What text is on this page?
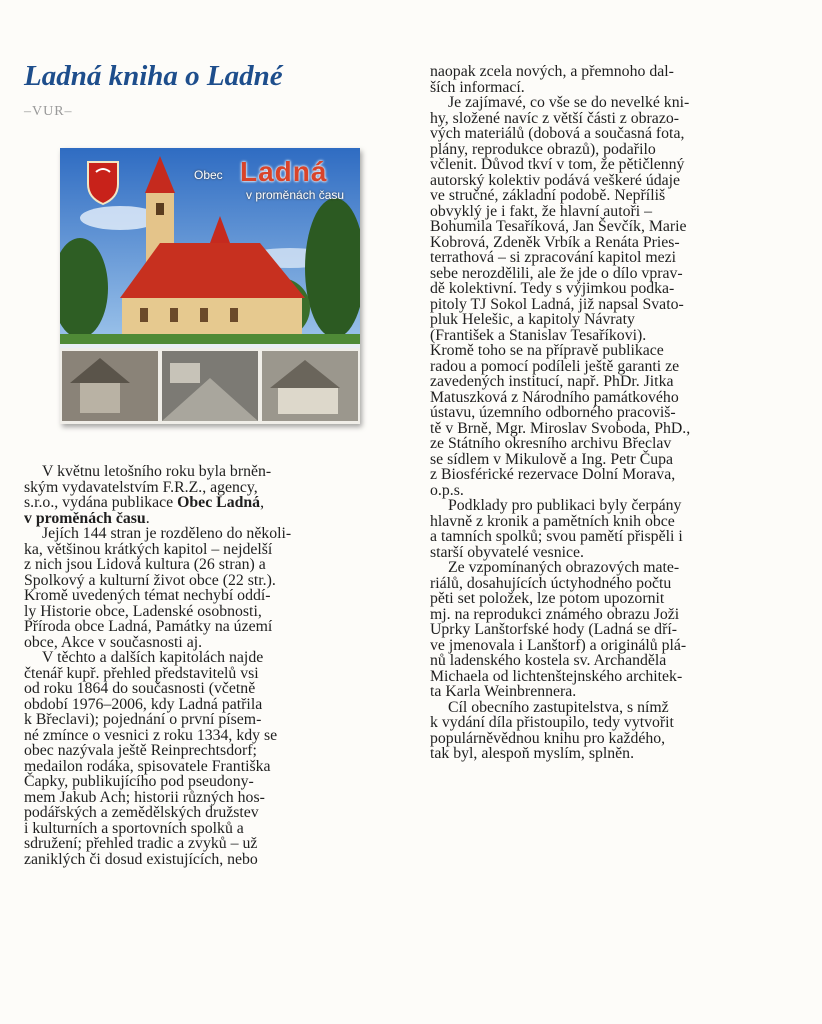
Ladná kniha o Ladné
–VUR–
Obec Ladná
v proměnách času
V květnu letošního roku byla brněn-
ským vydavatelstvím F.R.Z., agency,
s.r.o., vydána publikace Obec Ladná,
v proměnách času.
Jejích 144 stran je rozděleno do několi-
ka, většinou krátkých kapitol – nejdelší
z nich jsou Lidová kultura (26 stran) a
Spolkový a kulturní život obce (22 str.).
Kromě uvedených témat nechybí oddí-
ly Historie obce, Ladenské osobnosti,
Příroda obce Ladná, Památky na území
obce, Akce v současnosti aj.
V těchto a dalších kapitolách najde
čtenář kupř. přehled představitelů vsi
od roku 1864 do současnosti (včetně
období 1976–2006, kdy Ladná patřila
k Břeclavi); pojednání o první písem-
né zmínce o vesnici z roku 1334, kdy se
obec nazývala ještě Reinprechtsdorf;
medailon rodáka, spisovatele Františka
Čapky, publikujícího pod pseudony-
mem Jakub Ach; historii různých hos-
podářských a zemědělských družstev
i kulturních a sportovních spolků a
sdružení; přehled tradic a zvyků – už
zaniklých či dosud existujících, nebo
naopak zcela nových, a přemnoho dal-
ších informací.
Je zajímavé, co vše se do nevelké kni-
hy, složené navíc z větší části z obrazo-
vých materiálů (dobová a současná fota,
plány, reprodukce obrazů), podařilo
včlenit. Důvod tkví v tom, že pětičlenný
autorský kolektiv podává veškeré údaje
ve stručné, základní podobě. Nepříliš
obvyklý je i fakt, že hlavní autoři –
Bohumila Tesaříková, Jan Ševčík, Marie
Kobrová, Zdeněk Vrbík a Renáta Pries-
terrathová – si zpracování kapitol mezi
sebe nerozdělili, ale že jde o dílo vprav-
dě kolektivní. Tedy s výjimkou podka-
pitoly TJ Sokol Ladná, již napsal Svato-
pluk Helešic, a kapitoly Návraty
(František a Stanislav Tesaříkovi).
Kromě toho se na přípravě publikace
radou a pomocí podíleli ještě garanti ze
zavedených institucí, např. PhDr. Jitka
Matuszková z Národního památkového
ústavu, územního odborného pracoviš-
tě v Brně, Mgr. Miroslav Svoboda, PhD.,
ze Státního okresního archivu Břeclav
se sídlem v Mikulově a Ing. Petr Čupa
z Biosférické rezervace Dolní Morava,
o.p.s.
Podklady pro publikaci byly čerpány
hlavně z kronik a pamětních knih obce
a tamních spolků; svou pamětí přispěli i
starší obyvatelé vesnice.
Ze vzpomínaných obrazových mate-
riálů, dosahujících úctyhodného počtu
pěti set položek, lze potom upozornit
mj. na reprodukci známého obrazu Joži
Uprky Lanštorfské hody (Ladná se dří-
ve jmenovala i Lanštorf) a originálů plá-
nů ladenského kostela sv. Archanděla
Michaela od lichtenštejnského architek-
ta Karla Weinbrennera.
Cíl obecního zastupitelstva, s nímž
k vydání díla přistoupilo, tedy vytvořit
populárněvědnou knihu pro každého,
tak byl, alespoň myslím, splněn.
